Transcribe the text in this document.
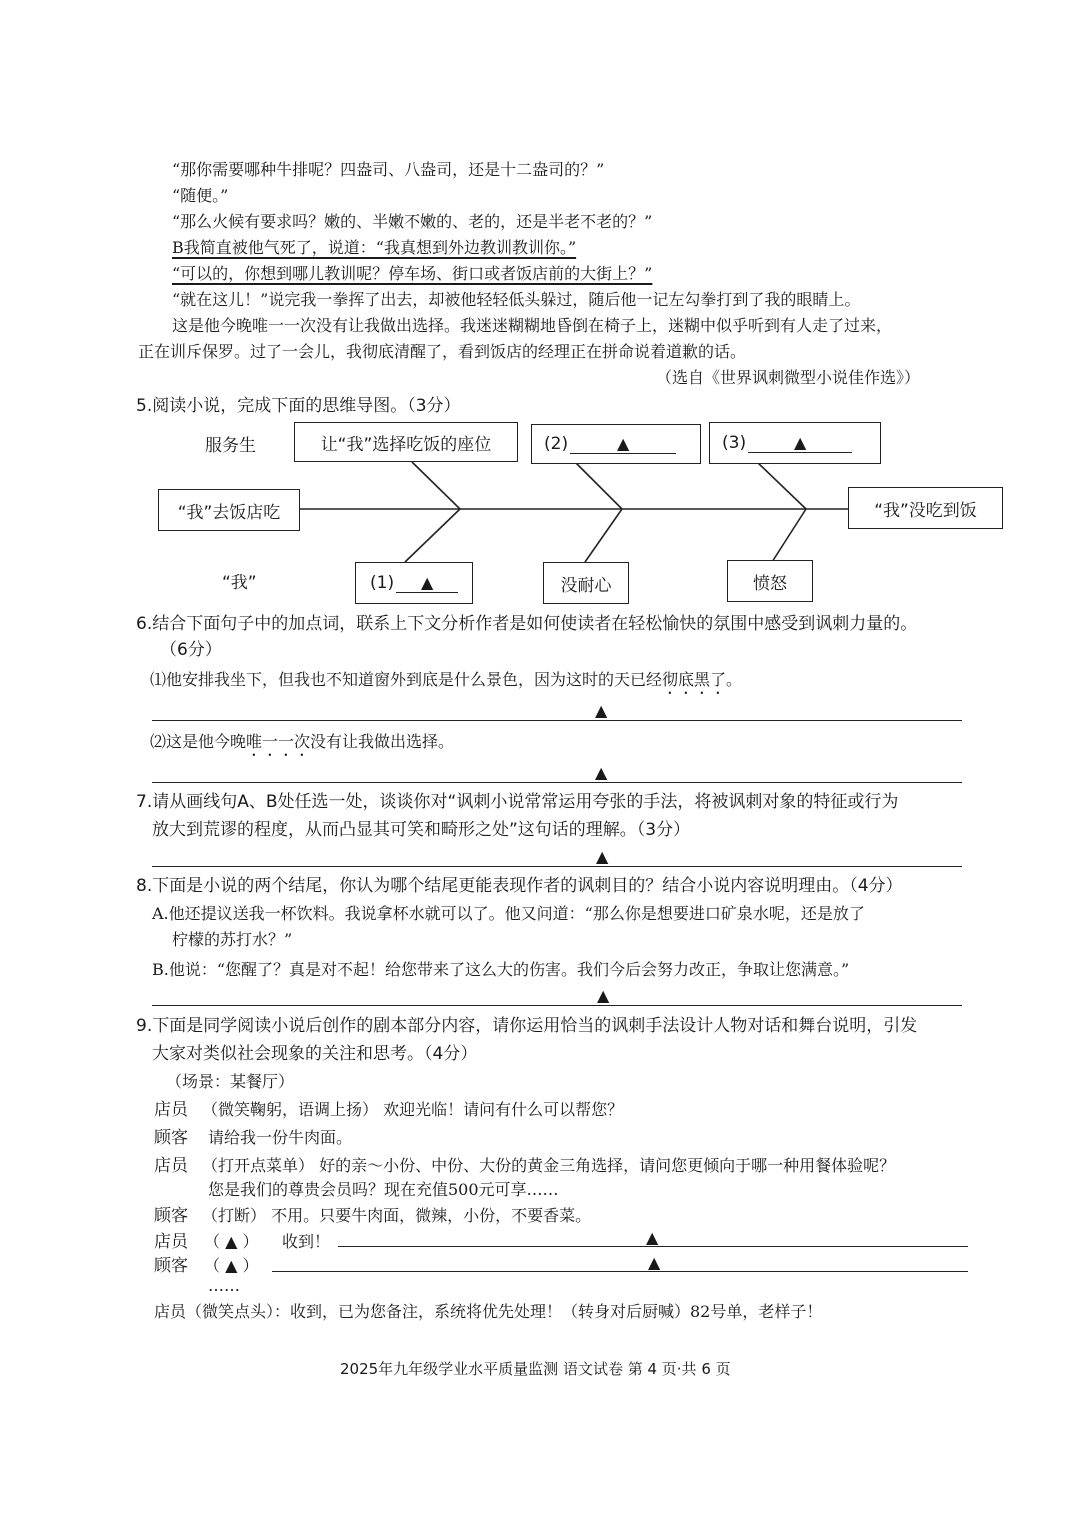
“那你需要哪种牛排呢？四盎司、八盎司，还是十二盎司的？”
“随便。”
“那么火候有要求吗？嫩的、半嫩不嫩的、老的，还是半老不老的？”
B我简直被他气死了，说道：“我真想到外边教训教训你。”
“可以的，你想到哪儿教训呢？停车场、街口或者饭店前的大街上？”
“就在这儿！”说完我一拳挥了出去，却被他轻轻低头躲过，随后他一记左勾拳打到了我的眼睛上。
这是他今晚唯一一次没有让我做出选择。我迷迷糊糊地昏倒在椅子上，迷糊中似乎听到有人走了过来，
正在训斥保罗。过了一会儿，我彻底清醒了，看到饭店的经理正在拼命说着道歉的话。
（选自《世界讽刺微型小说佳作选》）
5.阅读小说，完成下面的思维导图。（3分）
服务生
“我”
“我”去饭店吃	“我”没吃到饭
让“我”选择吃饭的座位	(2)	▲	(3)	▲
(1)	▲	没耐心	愤怒
6.结合下面句子中的加点词，联系上下文分析作者是如何使读者在轻松愉快的氛围中感受到讽刺力量的。
（6分）
⑴他安排我坐下，但我也不知道窗外到底是什么景色，因为这时的天已经彻底黑了。
▲
⑵这是他今晚唯一一次没有让我做出选择。
▲
7.请从画线句A、B处任选一处，谈谈你对“讽刺小说常常运用夸张的手法，将被讽刺对象的特征或行为
放大到荒谬的程度，从而凸显其可笑和畸形之处”这句话的理解。（3分）
▲
8.下面是小说的两个结尾，你认为哪个结尾更能表现作者的讽刺目的？结合小说内容说明理由。（4分）
A.他还提议送我一杯饮料。我说拿杯水就可以了。他又问道：“那么你是想要进口矿泉水呢，还是放了
柠檬的苏打水？”
B.他说：“您醒了？真是对不起！给您带来了这么大的伤害。我们今后会努力改正，争取让您满意。”
▲
9.下面是同学阅读小说后创作的剧本部分内容，请你运用恰当的讽刺手法设计人物对话和舞台说明，引发
大家对类似社会现象的关注和思考。（4分）
（场景：某餐厅）
店员 （微笑鞠躬，语调上扬） 欢迎光临！请问有什么可以帮您？
顾客 请给我一份牛肉面。
店员 （打开点菜单） 好的亲～小份、中份、大份的黄金三角选择，请问您更倾向于哪一种用餐体验呢？
您是我们的尊贵会员吗？现在充值500元可享……
顾客 （打断） 不用。只要牛肉面，微辣，小份，不要香菜。
店员 （ ▲ ） 收到！	▲
顾客 （ ▲ ）	▲
……
店员（微笑点头）：收到，已为您备注，系统将优先处理！（转身对后厨喊）82号单，老样子！
2025年九年级学业水平质量监测 语文试卷 第 4 页·共 6 页
